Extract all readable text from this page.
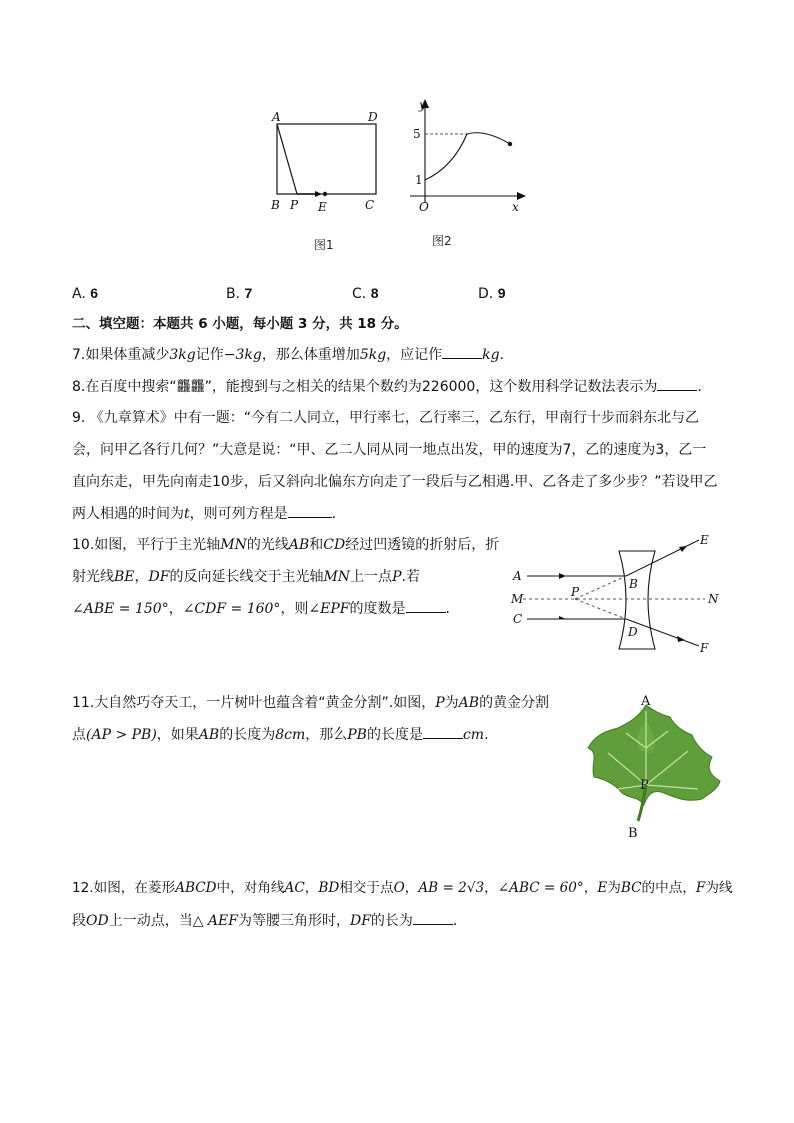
A	D
B P E	C
图1
y
5
1
O	x
图2
A. 6	B. 7	C. 8	D. 9
二、填空题：本题共 6 小题，每小题 3 分，共 18 分。
7.如果体重减少3kg记作−3kg，那么体重增加5kg，应记作	kg.
8.在百度中搜索“龘龘”，能搜到与之相关的结果个数约为226000，这个数用科学记数法表示为	.
9. 《九章算术》中有一题：“今有二人同立，甲行率七，乙行率三，乙东行，甲南行十步而斜东北与乙
会，问甲乙各行几何？”大意是说：“甲、乙二人同从同一地点出发，甲的速度为7，乙的速度为3，乙一
直向东走，甲先向南走10步，后又斜向北偏东方向走了一段后与乙相遇.甲、乙各走了多少步？”若设甲乙
两人相遇的时间为t，则可列方程是	.
10.如图，平行于主光轴MN的光线AB和CD经过凹透镜的折射后，折
射光线BE，DF的反向延长线交于主光轴MN上一点P.若
∠ABE = 150°，∠CDF = 160°，则∠EPF的度数是	.
A
M
C
P
B
D
E
N
F
11.大自然巧夺天工，一片树叶也蕴含着“黄金分割”.如图，P为AB的黄金分割
点(AP > PB)，如果AB的长度为8cm，那么PB的长度是	cm.
A
P
B
12.如图，在菱形ABCD中，对角线AC，BD相交于点O，AB = 2√3，∠ABC = 60°，E为BC的中点，F为线
段OD上一动点，当△ AEF为等腰三角形时，DF的长为	.
